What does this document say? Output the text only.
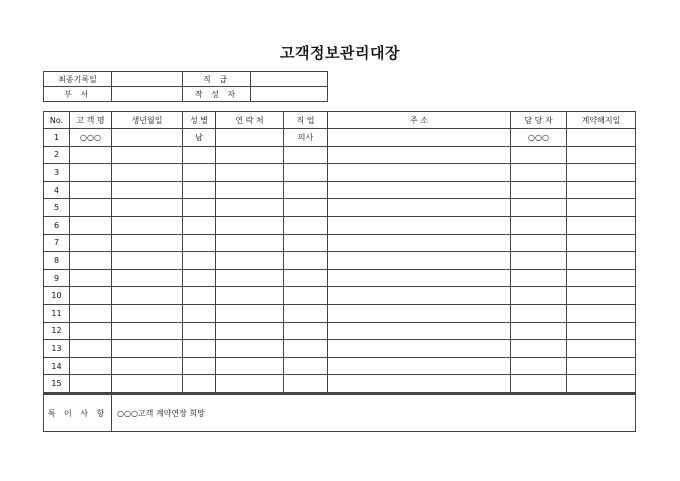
고객정보관리대장
최종기록일		직 급	
부 서		작 성 자	
No.	고 객 명	생년월일	성 별	연 락 처	직 업	주 소	담 당 자	계약해지일
1	○○○		남		의사		○○○	
2								
3								
4								
5								
6								
7								
8								
9								
10								
11								
12								
13								
14								
15								
특 이 사 항	○○○고객 계약연장 희망
